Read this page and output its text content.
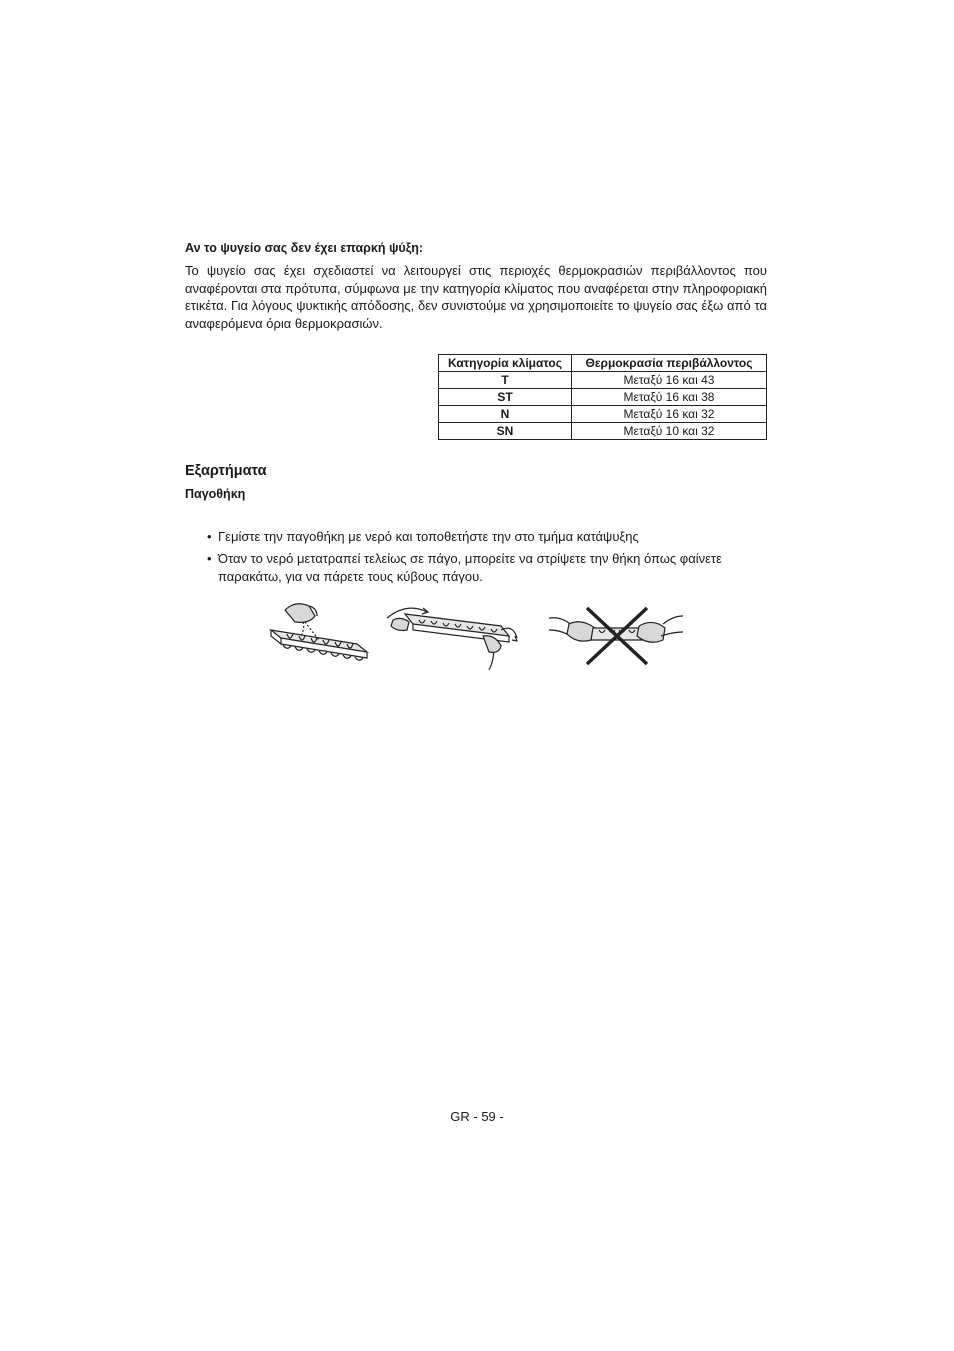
Αν το ψυγείο σας δεν έχει επαρκή ψύξη:

Το ψυγείο σας έχει σχεδιαστεί να λειτουργεί στις περιοχές θερμοκρασιών περιβάλλοντος που αναφέρονται στα πρότυπα, σύμφωνα με την κατηγορία κλίματος που αναφέρεται στην πληροφοριακή ετικέτα. Για λόγους ψυκτικής απόδοσης, δεν συνιστούμε να χρησιμοποιείτε το ψυγείο σας έξω από τα αναφερόμενα όρια θερμοκρασιών.

Κατηγορία κλίματος	Θερμοκρασία περιβάλλοντος
T	Μεταξύ 16 και 43
ST	Μεταξύ 16 και 38
N	Μεταξύ 16 και 32
SN	Μεταξύ 10 και 32

Εξαρτήματα

Παγοθήκη

• Γεμίστε την παγοθήκη με νερό και τοποθετήστε την στο τμήμα κατάψυξης
• Όταν το νερό μετατραπεί τελείως σε πάγο, μπορείτε να στρίψετε την θήκη όπως φαίνετε παρακάτω, για να πάρετε τους κύβους πάγου.
GR - 59 -
